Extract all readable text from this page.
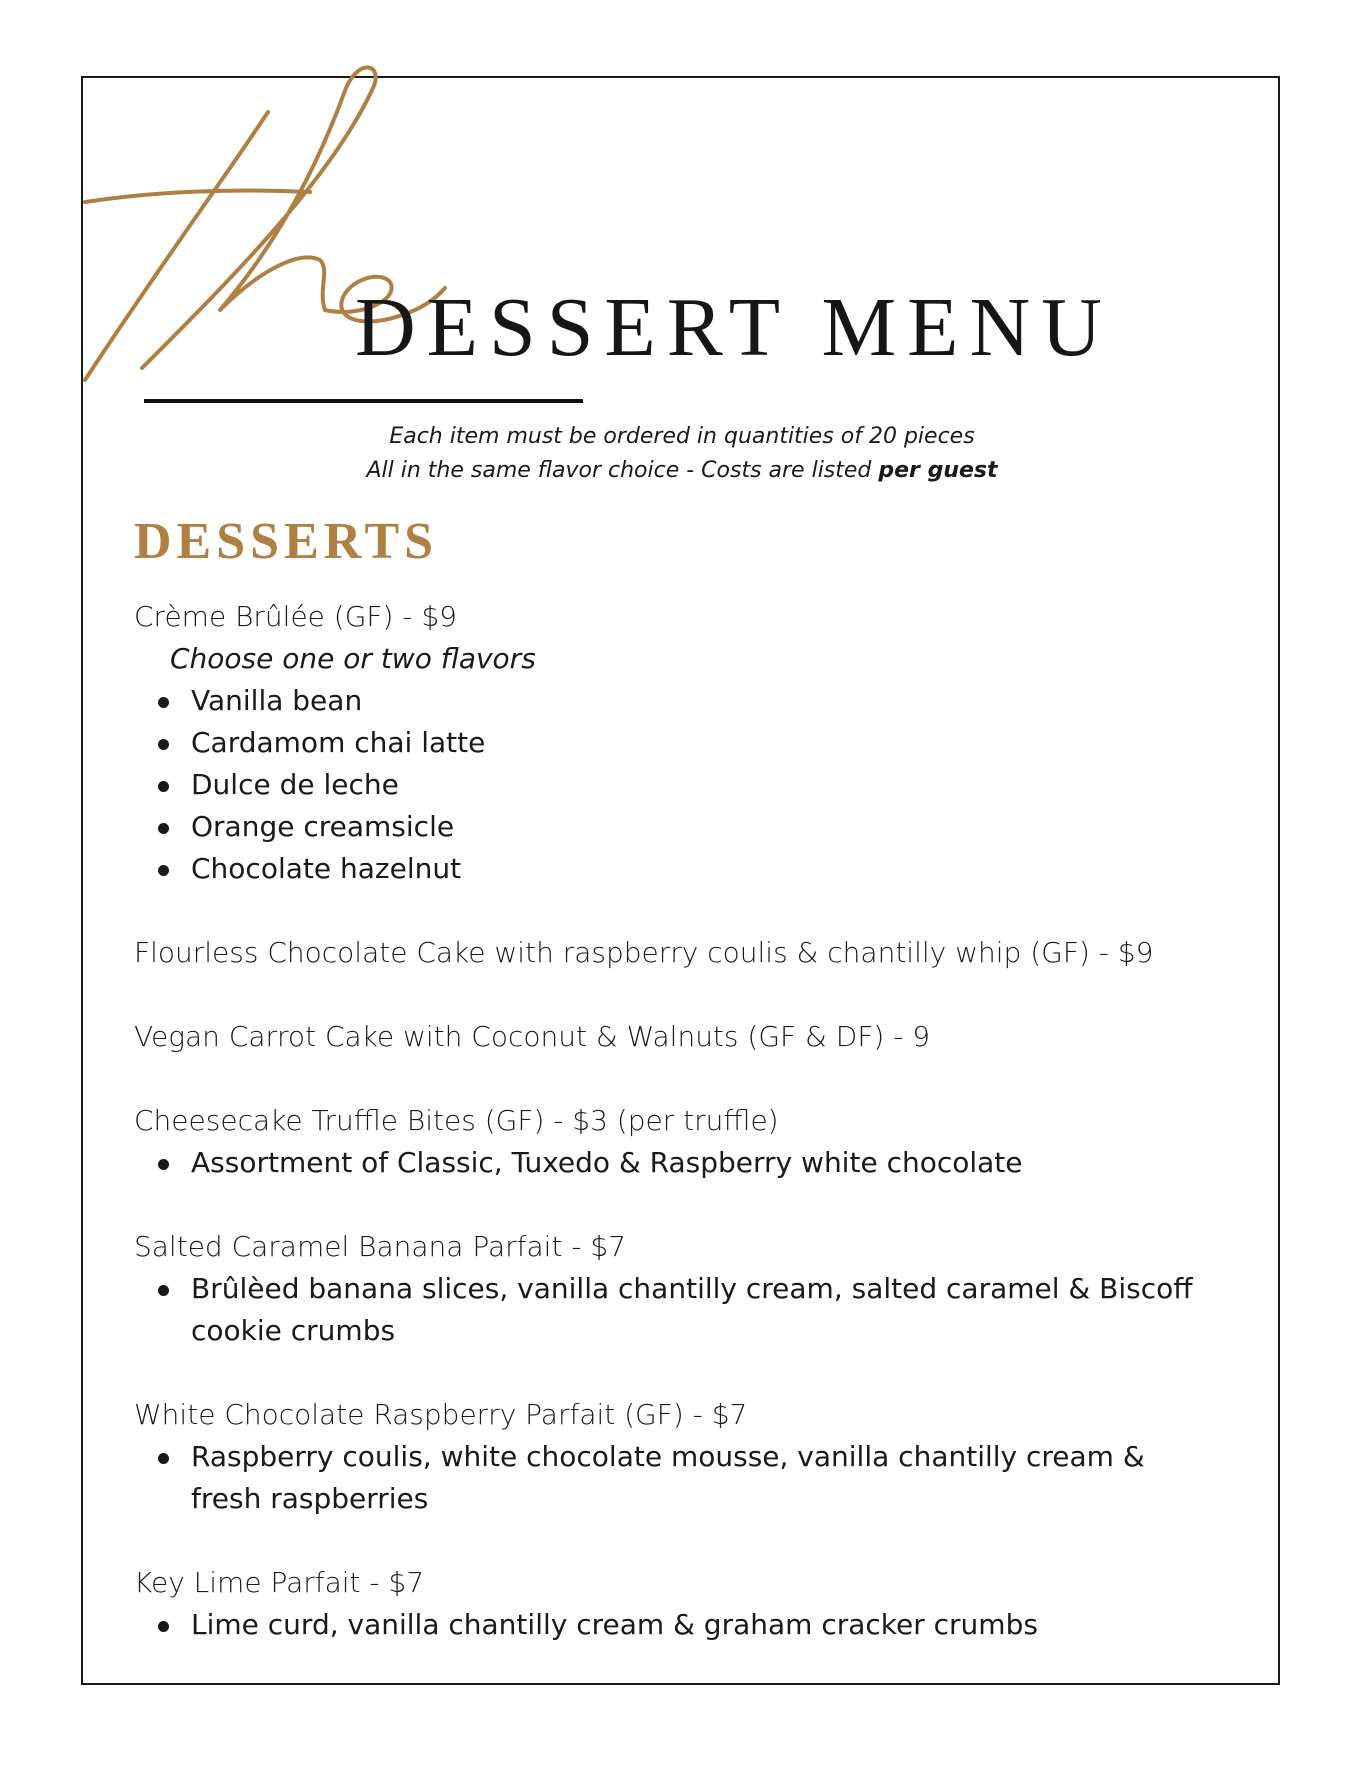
the
DESSERT MENU

Each item must be ordered in quantities of 20 pieces

All in the same flavor choice - Costs are listed per guest

DESSERTS
Crème Brûlée (GF) - $9
Choose one or two flavors
Vanilla bean
Cardamom chai latte
Dulce de leche
Orange creamsicle
Chocolate hazelnut
Flourless Chocolate Cake with raspberry coulis & chantilly whip (GF) - $9
Vegan Carrot Cake with Coconut & Walnuts (GF & DF) - 9
Cheesecake Truffle Bites (GF) - $3 (per truffle)
Assortment of Classic, Tuxedo & Raspberry white chocolate
Salted Caramel Banana Parfait - $7
Brûlèed banana slices, vanilla chantilly cream, salted caramel & Biscoff cookie crumbs
White Chocolate Raspberry Parfait (GF) - $7
Raspberry coulis, white chocolate mousse, vanilla chantilly cream & fresh raspberries
Key Lime Parfait - $7
Lime curd, vanilla chantilly cream & graham cracker crumbs
